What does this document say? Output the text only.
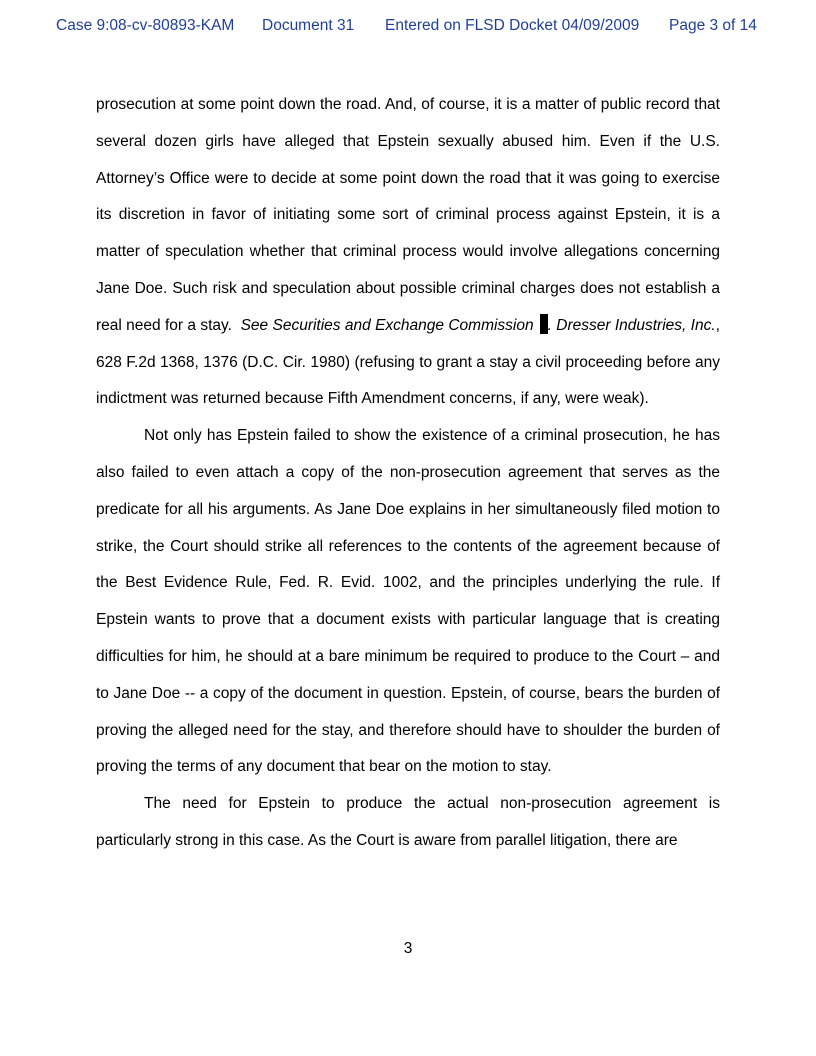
Case 9:08-cv-80893-KAM Document 31 Entered on FLSD Docket 04/09/2009 Page 3 of 14

prosecution at some point down the road. And, of course, it is a matter of public record that several dozen girls have alleged that Epstein sexually abused him. Even if the U.S. Attorney’s Office were to decide at some point down the road that it was going to exercise its discretion in favor of initiating some sort of criminal process against Epstein, it is a matter of speculation whether that criminal process would involve allegations concerning Jane Doe. Such risk and speculation about possible criminal charges does not establish a real need for a stay. See Securities and Exchange Commission . Dresser Industries, Inc., 628 F.2d 1368, 1376 (D.C. Cir. 1980) (refusing to grant a stay a civil proceeding before any indictment was returned because Fifth Amendment concerns, if any, were weak).

Not only has Epstein failed to show the existence of a criminal prosecution, he has also failed to even attach a copy of the non-prosecution agreement that serves as the predicate for all his arguments. As Jane Doe explains in her simultaneously filed motion to strike, the Court should strike all references to the contents of the agreement because of the Best Evidence Rule, Fed. R. Evid. 1002, and the principles underlying the rule. If Epstein wants to prove that a document exists with particular language that is creating difficulties for him, he should at a bare minimum be required to produce to the Court – and to Jane Doe -- a copy of the document in question. Epstein, of course, bears the burden of proving the alleged need for the stay, and therefore should have to shoulder the burden of proving the terms of any document that bear on the motion to stay.

The need for Epstein to produce the actual non-prosecution agreement is particularly strong in this case. As the Court is aware from parallel litigation, there are

3
